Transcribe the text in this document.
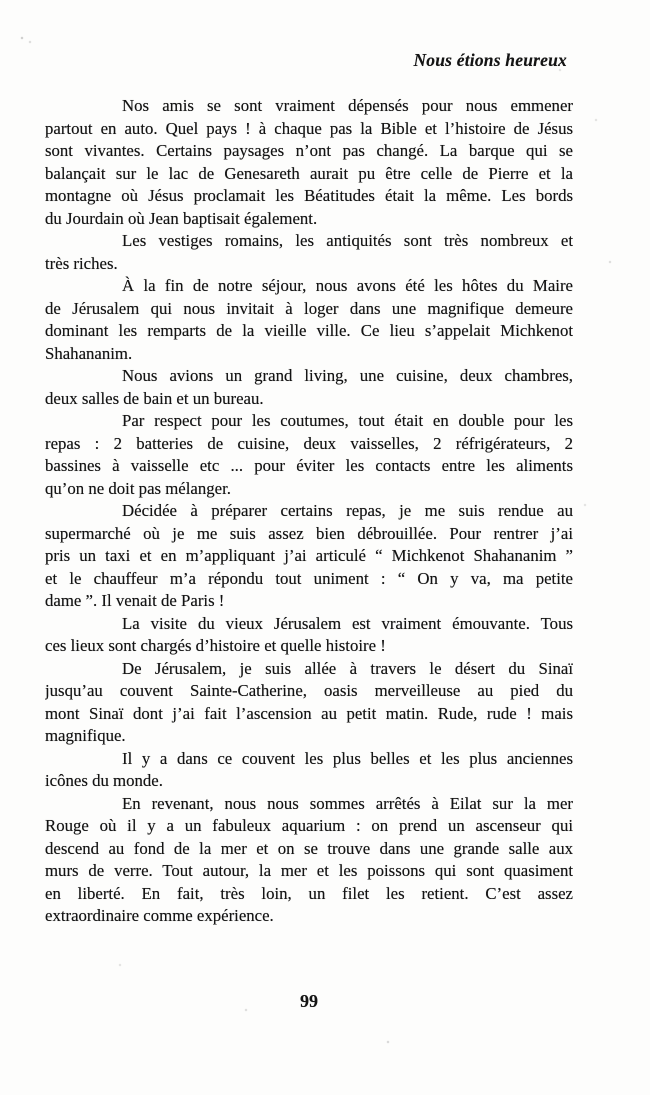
Nous étions heureux
Nos amis se sont vraiment dépensés pour nous emmener
partout en auto. Quel pays ! à chaque pas la Bible et l’histoire de Jésus
sont vivantes. Certains paysages n’ont pas changé. La barque qui se
balançait sur le lac de Genesareth aurait pu être celle de Pierre et la
montagne où Jésus proclamait les Béatitudes était la même. Les bords
du Jourdain où Jean baptisait également.
Les vestiges romains, les antiquités sont très nombreux et
très riches.
À la fin de notre séjour, nous avons été les hôtes du Maire
de Jérusalem qui nous invitait à loger dans une magnifique demeure
dominant les remparts de la vieille ville. Ce lieu s’appelait Michkenot
Shahananim.
Nous avions un grand living, une cuisine, deux chambres,
deux salles de bain et un bureau.
Par respect pour les coutumes, tout était en double pour les
repas : 2 batteries de cuisine, deux vaisselles, 2 réfrigérateurs, 2
bassines à vaisselle etc ... pour éviter les contacts entre les aliments
qu’on ne doit pas mélanger.
Décidée à préparer certains repas, je me suis rendue au
supermarché où je me suis assez bien débrouillée. Pour rentrer j’ai
pris un taxi et en m’appliquant j’ai articulé “ Michkenot Shahananim ”
et le chauffeur m’a répondu tout uniment : “ On y va, ma petite
dame ”. Il venait de Paris !
La visite du vieux Jérusalem est vraiment émouvante. Tous
ces lieux sont chargés d’histoire et quelle histoire !
De Jérusalem, je suis allée à travers le désert du Sinaï
jusqu’au couvent Sainte-Catherine, oasis merveilleuse au pied du
mont Sinaï dont j’ai fait l’ascension au petit matin. Rude, rude ! mais
magnifique.
Il y a dans ce couvent les plus belles et les plus anciennes
icônes du monde.
En revenant, nous nous sommes arrêtés à Eilat sur la mer
Rouge où il y a un fabuleux aquarium : on prend un ascenseur qui
descend au fond de la mer et on se trouve dans une grande salle aux
murs de verre. Tout autour, la mer et les poissons qui sont quasiment
en liberté. En fait, très loin, un filet les retient. C’est assez
extraordinaire comme expérience.
99
